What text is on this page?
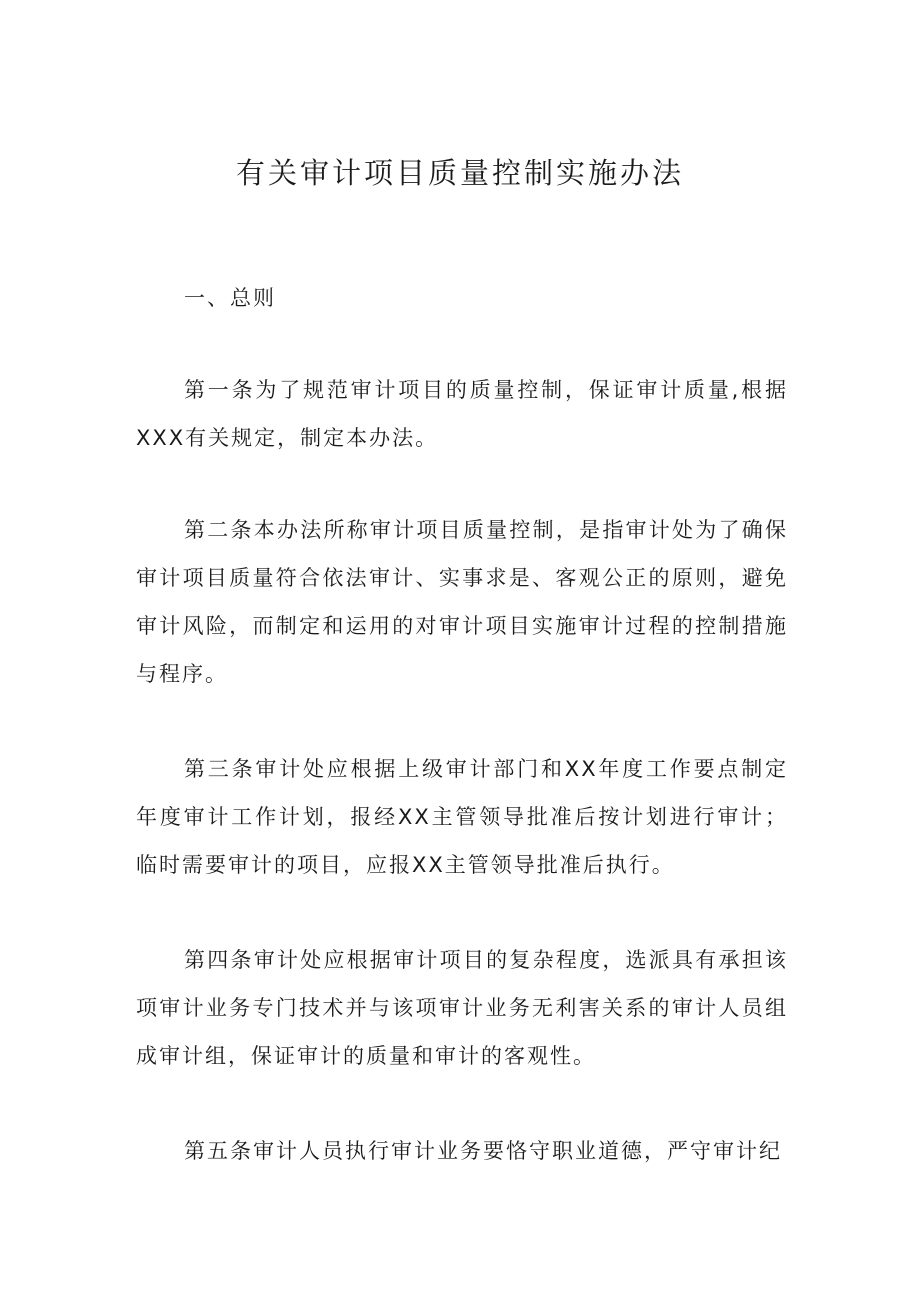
有关审计项目质量控制实施办法

一、总则

第一条为了规范审计项目的质量控制，保证审计质量,根据XXX有关规定，制定本办法。

第二条本办法所称审计项目质量控制，是指审计处为了确保审计项目质量符合依法审计、实事求是、客观公正的原则，避免审计风险，而制定和运用的对审计项目实施审计过程的控制措施与程序。

第三条审计处应根据上级审计部门和XX年度工作要点制定年度审计工作计划，报经XX主管领导批准后按计划进行审计；临时需要审计的项目，应报XX主管领导批准后执行。

第四条审计处应根据审计项目的复杂程度，选派具有承担该项审计业务专门技术并与该项审计业务无利害关系的审计人员组成审计组，保证审计的质量和审计的客观性。

第五条审计人员执行审计业务要恪守职业道德，严守审计纪
